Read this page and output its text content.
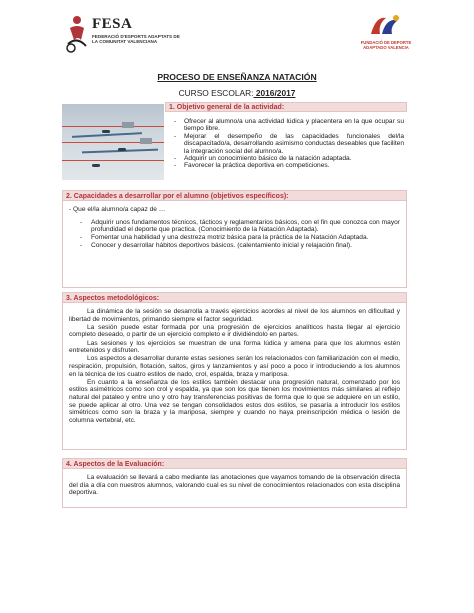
FESA
FEDERACIÓ D'ESPORTS ADAPTATS DE LA COMUNITAT VALENCIANA	FUNDACIÓ DE DEPORTE ADAPTADO VALENCIA
PROCESO DE ENSEÑANZA NATACIÓN
CURSO ESCOLAR: 2016/2017
1. Objetivo general de la actividad:
- Ofrecer al alumno/a una actividad lúdica y placentera en la que ocupar su tiempo libre.
- Mejorar el desempeño de las capacidades funcionales del/la discapacitado/a, desarrollando asimismo conductas deseables que faciliten la integración social del alumno/a.
- Adquirir un conocimiento básico de la natación adaptada.
- Favorecer la práctica deportiva en competiciones.
2. Capacidades a desarrollar por el alumno (objetivos específicos):
- Que el/la alumno/a capaz de …
- Adquirir unos fundamentos técnicos, tácticos y reglamentarios básicos, con el fin que conozca con mayor profundidad el deporte que practica. (Conocimiento de la Natación Adaptada).
- Fomentar una habilidad y una destreza motriz básica para la práctica de la Natación Adaptada.
- Conocer y desarrollar hábitos deportivos básicos. (calentamiento inicial y relajación final).
3. Aspectos metodológicos:

La dinámica de la sesión se desarrolla a través ejercicios acordes al nivel de los alumnos en dificultad y libertad de movimientos, primando siempre el factor seguridad.

La sesión puede estar formada por una progresión de ejercicios analíticos hasta llegar al ejercicio completo deseado, o partir de un ejercicio completo e ir dividiéndolo en partes.

Las sesiones y los ejercicios se muestran de una forma lúdica y amena para que los alumnos estén entretenidos y disfruten.

Los aspectos a desarrollar durante estas sesiones serán los relacionados con familiarización con el medio, respiración, propulsión, flotación, saltos, giros y lanzamientos y así poco a poco ir introduciendo a los alumnos en la técnica de los cuatro estilos de nado, crol, espalda, braza y mariposa.

En cuanto a la enseñanza de los estilos también destacar una progresión natural, comenzado por los estilos asimétricos como son crol y espalda, ya que son los que tienen los movimientos más similares al reflejo natural del pataleo y entre uno y otro hay transferencias positivas de forma que lo que se adquiere en un estilo, se puede aplicar al otro. Una vez se tengan consolidados estos dos estilos, se pasaría a introducir los estilos simétricos como son la braza y la mariposa, siempre y cuando no haya preinscripción médica o lesión de columna vertebral, etc.

4. Aspectos de la Evaluación:

La evaluación se llevará a cabo mediante las anotaciones que vayamos tomando de la observación directa del día a día con nuestros alumnos, valorando cual es su nivel de conocimientos relacionados con esta disciplina deportiva.
